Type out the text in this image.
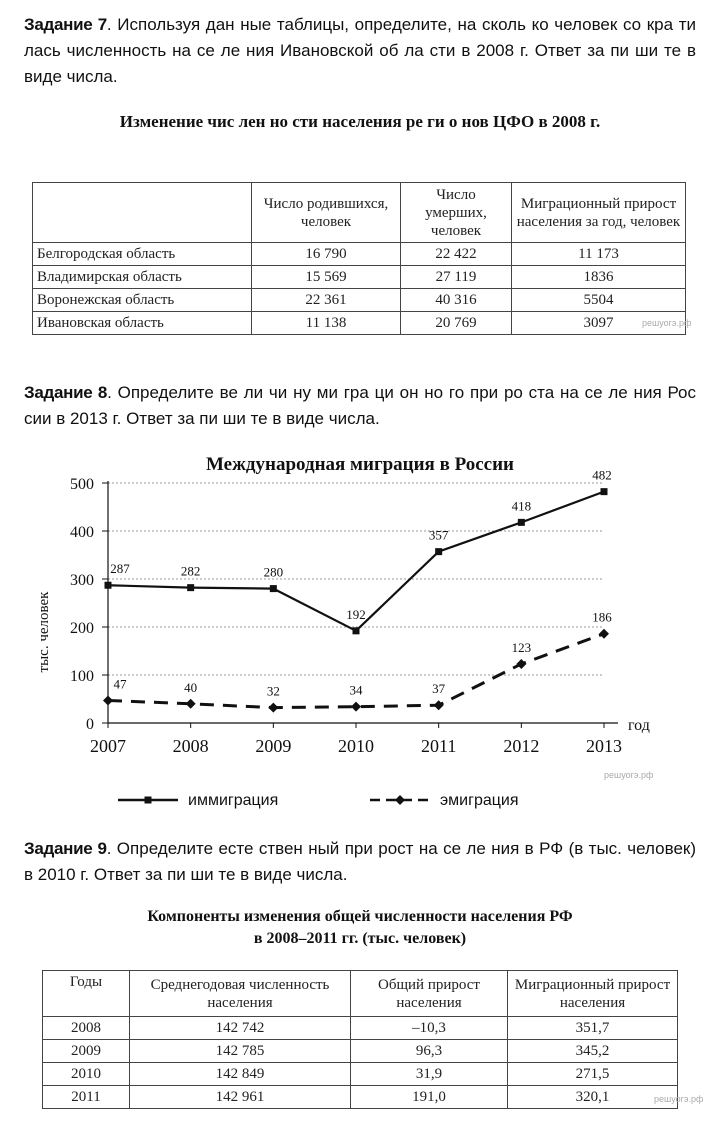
Задание 7. Используя дан ные таблицы, определите, на сколь ко человек со кра ти лась численность на се ле ния Ивановской об ла сти в 2008 г. Ответ за пи ши те в виде числа.
Изменение чис лен но сти населения ре ги о нов ЦФО в 2008 г.
	Число родившихся, человек	Число умерших, человек	Миграционный прирост населения за год, человек
Белгородская область	16 790	22 422	11 173
Владимирская область	15 569	27 119	1836
Воронежская область	22 361	40 316	5504
Ивановская область	11 138	20 769	3097	решуогэ.рф
Задание 8. Определите ве ли чи ну ми гра ци он но го при ро ста на се ле ния Рос сии в 2013 г. Ответ за пи ши те в виде числа.
Международная миграция в России
тыс. человек
год
0
100
200
300
400
500
2007	2008	2009	2010	2011	2012	2013
287	282	280
192
357
418
482
47	40	32	34	37
123
186
иммиграция	эмиграция
решуогэ.рф
Задание 9. Определите есте ствен ный при рост на се ле ния в РФ (в тыс. человек) в 2010 г. Ответ за пи ши те в виде числа.
Компоненты изменения общей численности населения РФ
в 2008–2011 гг. (тыс. человек)
Годы	Среднегодовая численность населения	Общий прирост населения	Миграционный прирост населения
2008	142 742	–10,3	351,7
2009	142 785	96,3	345,2
2010	142 849	31,9	271,5
2011	142 961	191,0	320,1	решуогэ.рф
